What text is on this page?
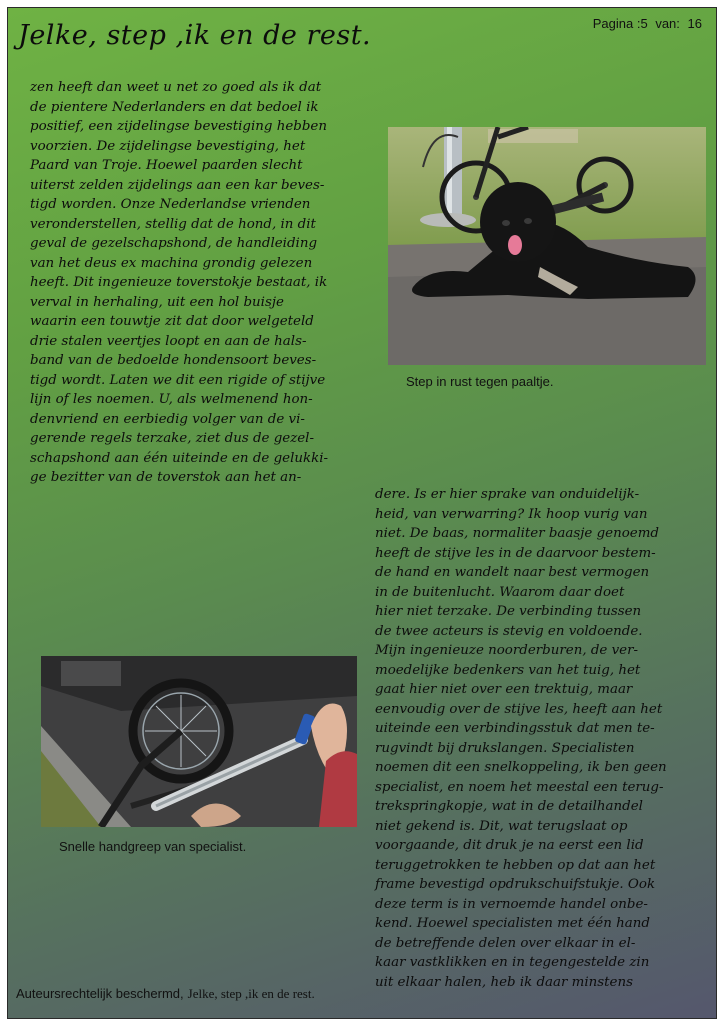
Jelke, step ,ik en de rest.	Pagina :5 van: 16
zen heeft dan weet u net zo goed als ik dat
de pientere Nederlanders en dat bedoel ik
positief, een zijdelingse bevestiging hebben
voorzien. De zijdelingse bevestiging, het
Paard van Troje. Hoewel paarden slecht
uiterst zelden zijdelings aan een kar beves-
tigd worden. Onze Nederlandse vrienden
veronderstellen, stellig dat de hond, in dit
geval de gezelschapshond, de handleiding
van het deus ex machina grondig gelezen
heeft. Dit ingenieuze toverstokje bestaat, ik
verval in herhaling, uit een hol buisje
waarin een touwtje zit dat door welgeteld
drie stalen veertjes loopt en aan de hals-
band van de bedoelde hondensoort beves-
tigd wordt. Laten we dit een rigide of stijve
lijn of les noemen. U, als welmenend hon-
denvriend en eerbiedig volger van de vi-
gerende regels terzake, ziet dus de gezel-
schapshond aan één uiteinde en de gelukki-
ge bezitter van de toverstok aan het an-

Step in rust tegen paaltje.

Snelle handgreep van specialist.

dere. Is er hier sprake van onduidelijk-
heid, van verwarring? Ik hoop vurig van
niet. De baas, normaliter baasje genoemd
heeft de stijve les in de daarvoor bestem-
de hand en wandelt naar best vermogen
in de buitenlucht. Waarom daar doet
hier niet terzake. De verbinding tussen
de twee acteurs is stevig en voldoende.
Mijn ingenieuze noorderburen, de ver-
moedelijke bedenkers van het tuig, het
gaat hier niet over een trektuig, maar
eenvoudig over de stijve les, heeft aan het
uiteinde een verbindingsstuk dat men te-
rugvindt bij drukslangen. Specialisten
noemen dit een snelkoppeling, ik ben geen
specialist, en noem het meestal een terug-
trekspringkopje, wat in de detailhandel
niet gekend is. Dit, wat terugslaat op
voorgaande, dit druk je na eerst een lid
teruggetrokken te hebben op dat aan het
frame bevestigd opdrukschuifstukje. Ook
deze term is in vernoemde handel onbe-
kend. Hoewel specialisten met één hand
de betreffende delen over elkaar in el-
kaar vastklikken en in tegengestelde zin
uit elkaar halen, heb ik daar minstens

Auteursrechtelijk beschermd, Jelke, step ,ik en de rest.
